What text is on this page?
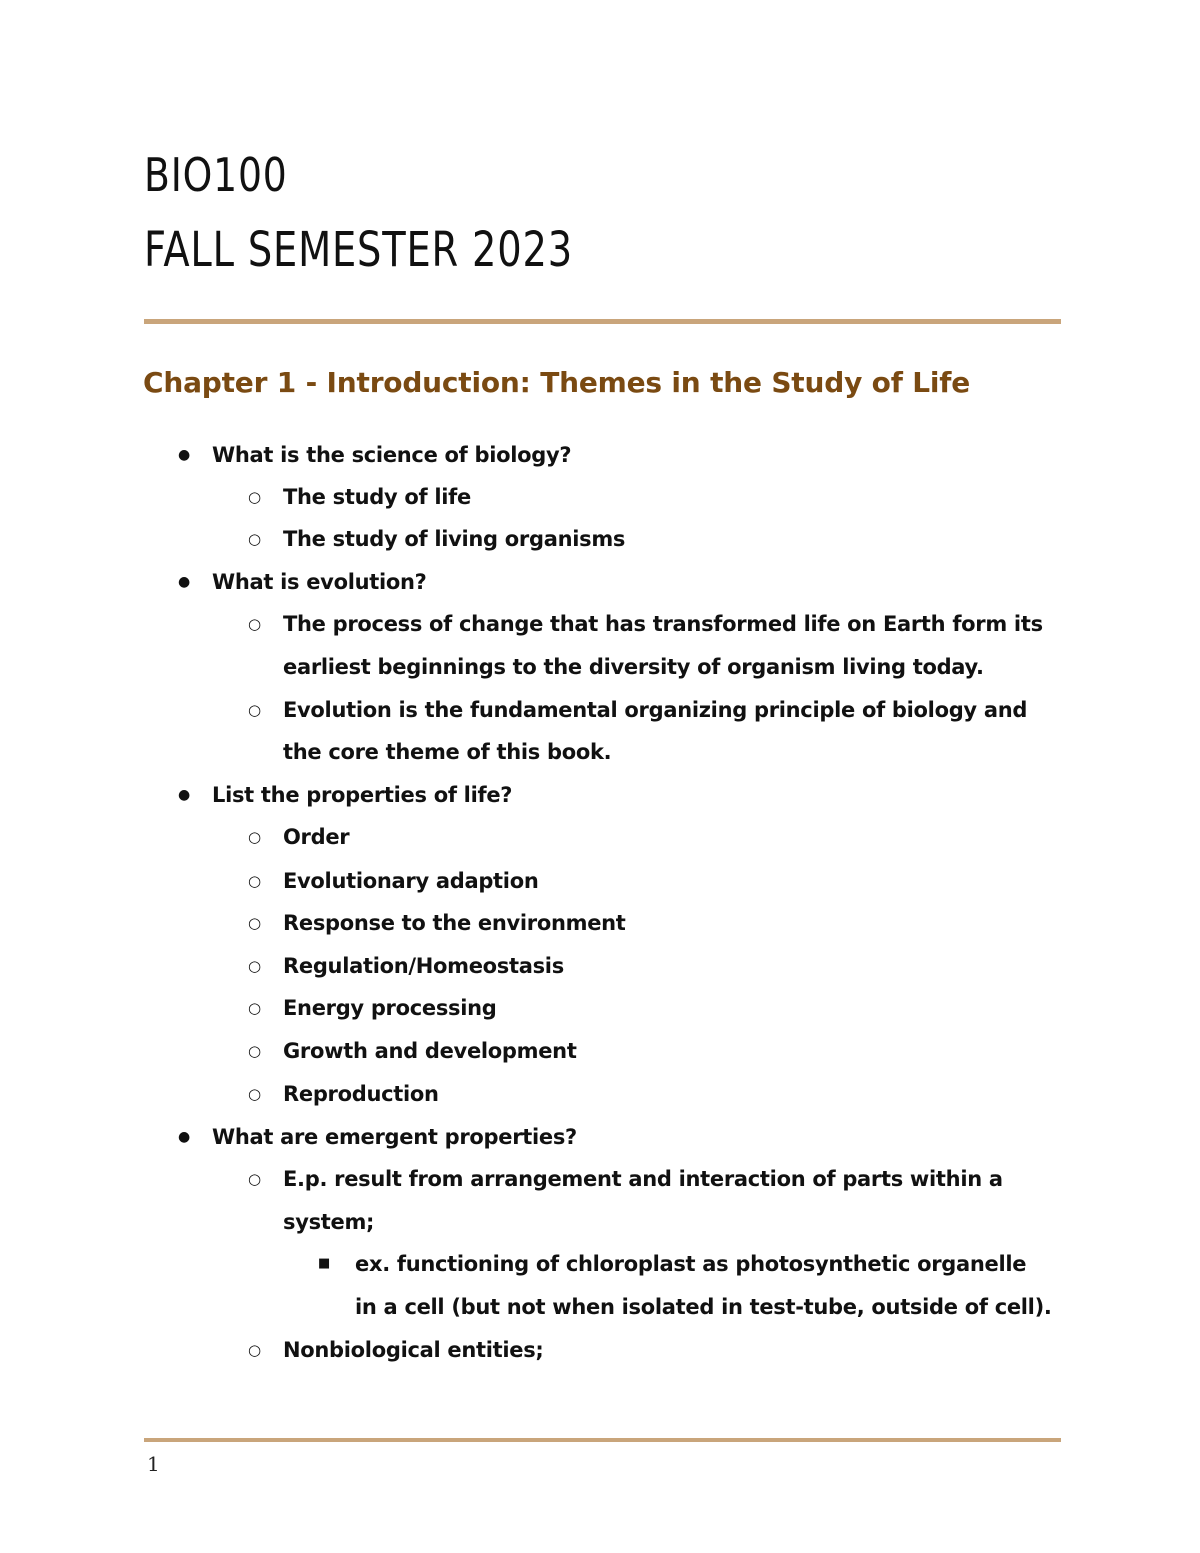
BIO100
FALL SEMESTER 2023
Chapter 1 - Introduction: Themes in the Study of Life
● What is the science of biology?
○ The study of life
○ The study of living organisms
● What is evolution?
○ The process of change that has transformed life on Earth form its
earliest beginnings to the diversity of organism living today.
○ Evolution is the fundamental organizing principle of biology and
the core theme of this book.
● List the properties of life?
○ Order
○ Evolutionary adaption
○ Response to the environment
○ Regulation/Homeostasis
○ Energy processing
○ Growth and development
○ Reproduction
● What are emergent properties?
○ E.p. result from arrangement and interaction of parts within a
system;
■ ex. functioning of chloroplast as photosynthetic organelle
in a cell (but not when isolated in test-tube, outside of cell).
○ Nonbiological entities;
1
